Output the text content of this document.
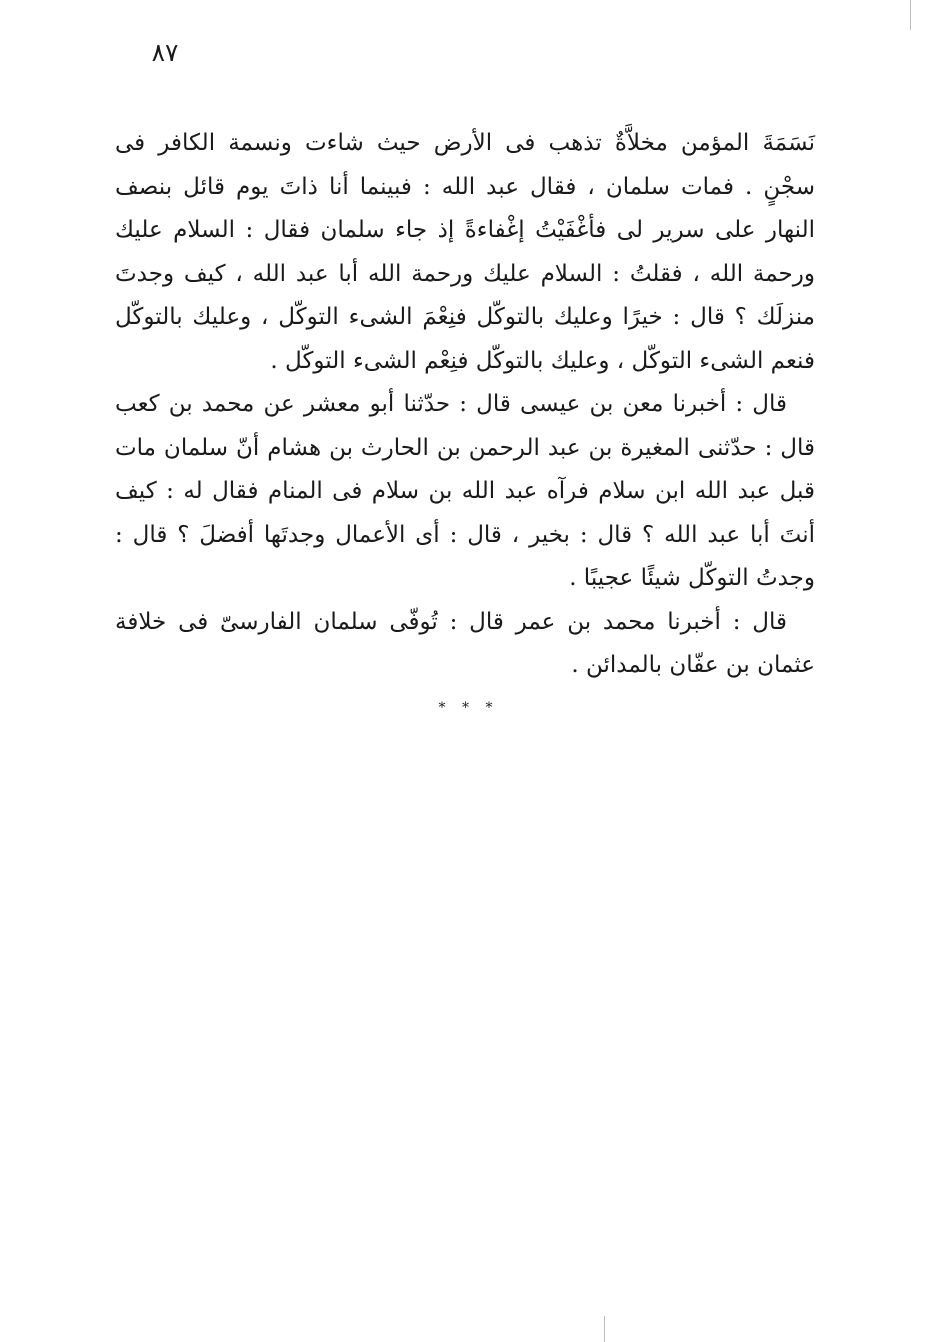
٨٧

نَسَمَةَ المؤمن مخلاَّةٌ تذهب فى الأرض حيث شاءت ونسمة الكافر فى سجْنٍ . فمات سلمان ، فقال عبد الله : فبينما أنا ذاتَ يوم قائل بنصف النهار على سرير لى فأغْفَيْتُ إغْفاءةً إذ جاء سلمان فقال : السلام عليك ورحمة الله ، فقلتُ : السلام عليك ورحمة الله أبا عبد الله ، كيف وجدتَ منزلَك ؟ قال : خيرًا وعليك بالتوكّل فنِعْمَ الشىء التوكّل ، وعليك بالتوكّل فنعم الشىء التوكّل ، وعليك بالتوكّل فنِعْم الشىء التوكّل .

قال : أخبرنا معن بن عيسى قال : حدّثنا أبو معشر عن محمد بن كعب قال : حدّثنى المغيرة بن عبد الرحمن بن الحارث بن هشام أنّ سلمان مات قبل عبد الله ابن سلام فرآه عبد الله بن سلام فى المنام فقال له : كيف أنتَ أبا عبد الله ؟ قال : بخير ، قال : أى الأعمال وجدتَها أفضلَ ؟ قال : وجدتُ التوكّل شيئًا عجيبًا .

قال : أخبرنا محمد بن عمر قال : تُوفّى سلمان الفارسىّ فى خلافة عثمان بن عفّان بالمدائن .

* * *
